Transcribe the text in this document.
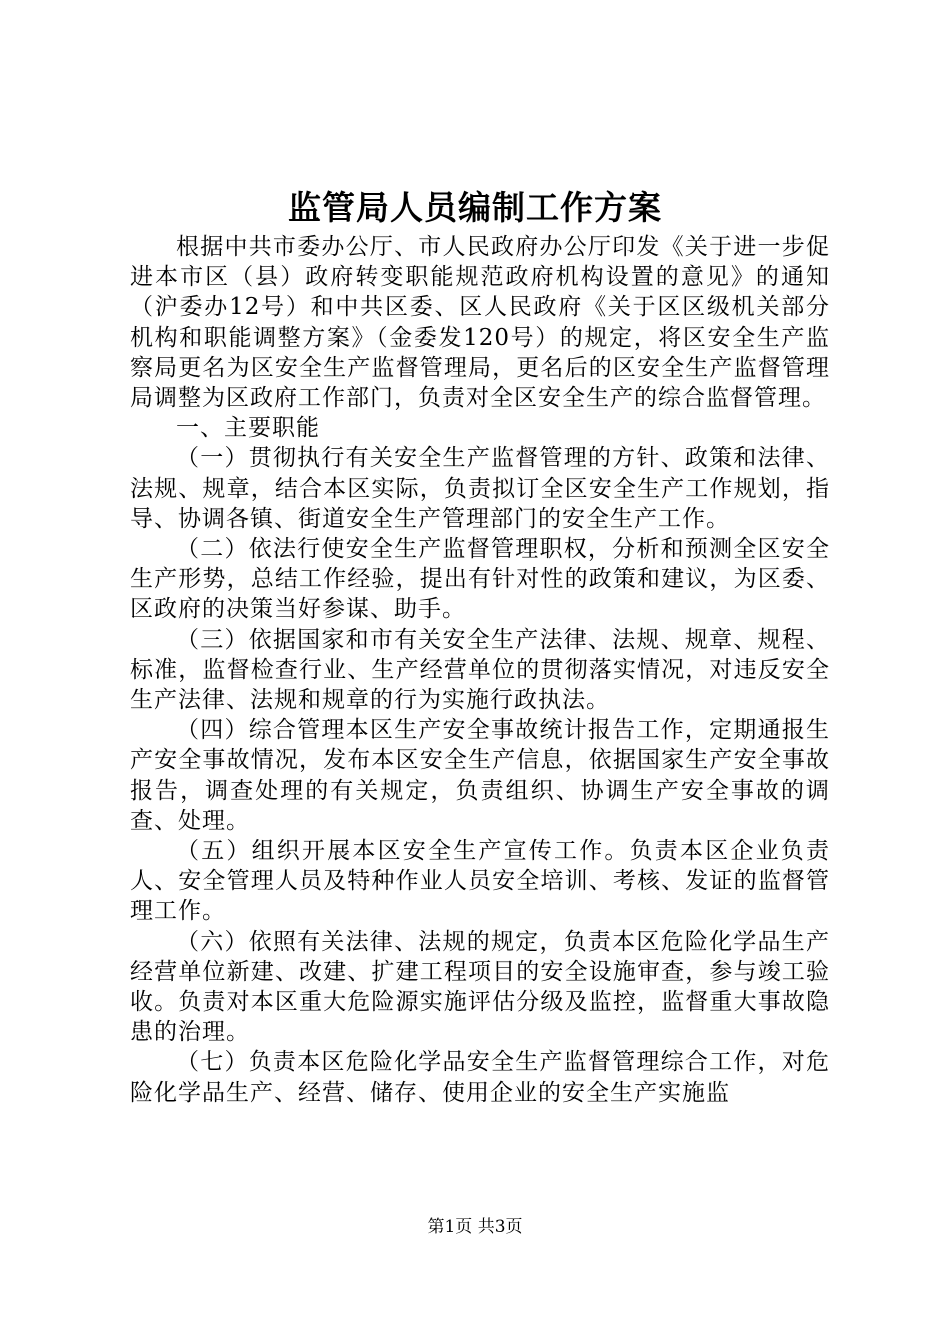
监管局人员编制工作方案

根据中共市委办公厅、市人民政府办公厅印发《关于进一步促进本市区（县）政府转变职能规范政府机构设置的意见》的通知（沪委办12号）和中共区委、区人民政府《关于区区级机关部分机构和职能调整方案》（金委发120号）的规定，将区安全生产监察局更名为区安全生产监督管理局，更名后的区安全生产监督管理局调整为区政府工作部门，负责对全区安全生产的综合监督管理。

一、主要职能

（一）贯彻执行有关安全生产监督管理的方针、政策和法律、法规、规章，结合本区实际，负责拟订全区安全生产工作规划，指导、协调各镇、街道安全生产管理部门的安全生产工作。

（二）依法行使安全生产监督管理职权，分析和预测全区安全生产形势，总结工作经验，提出有针对性的政策和建议，为区委、区政府的决策当好参谋、助手。

（三）依据国家和市有关安全生产法律、法规、规章、规程、标准，监督检查行业、生产经营单位的贯彻落实情况，对违反安全生产法律、法规和规章的行为实施行政执法。

（四）综合管理本区生产安全事故统计报告工作，定期通报生产安全事故情况，发布本区安全生产信息，依据国家生产安全事故报告，调查处理的有关规定，负责组织、协调生产安全事故的调查、处理。

（五）组织开展本区安全生产宣传工作。负责本区企业负责人、安全管理人员及特种作业人员安全培训、考核、发证的监督管理工作。

（六）依照有关法律、法规的规定，负责本区危险化学品生产经营单位新建、改建、扩建工程项目的安全设施审查，参与竣工验收。负责对本区重大危险源实施评估分级及监控，监督重大事故隐患的治理。

（七）负责本区危险化学品安全生产监督管理综合工作，对危险化学品生产、经营、储存、使用企业的安全生产实施监

第1页 共3页
